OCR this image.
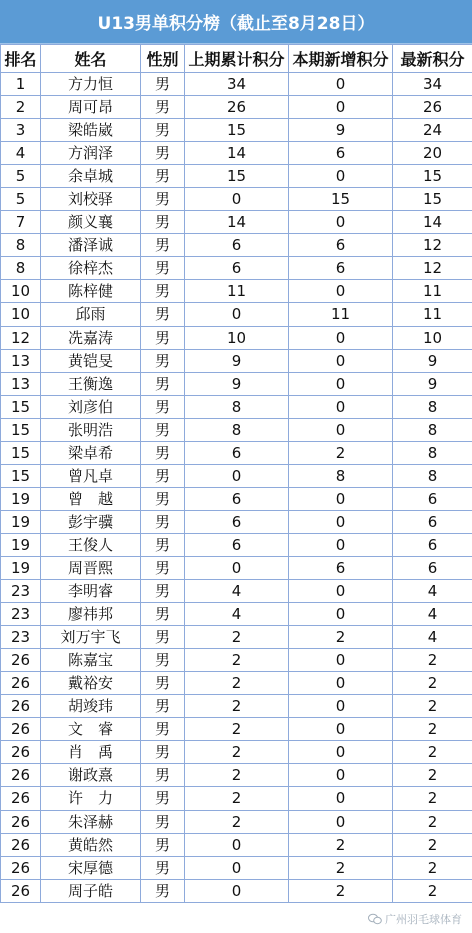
U13男单积分榜（截止至8月28日）
排名	姓名	性别	上期累计积分	本期新增积分	最新积分
1	方力恒	男	34	0	34
2	周可昂	男	26	0	26
3	梁皓崴	男	15	9	24
4	方润泽	男	14	6	20
5	余卓城	男	15	0	15
5	刘校驿	男	0	15	15
7	颜义襄	男	14	0	14
8	潘泽诚	男	6	6	12
8	徐梓杰	男	6	6	12
10	陈梓健	男	11	0	11
10	邱雨	男	0	11	11
12	冼嘉涛	男	10	0	10
13	黄铠旻	男	9	0	9
13	王衡逸	男	9	0	9
15	刘彦伯	男	8	0	8
15	张明浩	男	8	0	8
15	梁卓希	男	6	2	8
15	曾凡卓	男	0	8	8
19	曾　越	男	6	0	6
19	彭宇骥	男	6	0	6
19	王俊人	男	6	0	6
19	周晋熙	男	0	6	6
23	李明睿	男	4	0	4
23	廖祎邦	男	4	0	4
23	刘万宇飞	男	2	2	4
26	陈嘉宝	男	2	0	2
26	戴裕安	男	2	0	2
26	胡竣玮	男	2	0	2
26	文　睿	男	2	0	2
26	肖　禹	男	2	0	2
26	谢政熹	男	2	0	2
26	许　力	男	2	0	2
26	朱泽赫	男	2	0	2
26	黄皓然	男	0	2	2
26	宋厚德	男	0	2	2
26	周子皓	男	0	2	2
广州羽毛球体育
